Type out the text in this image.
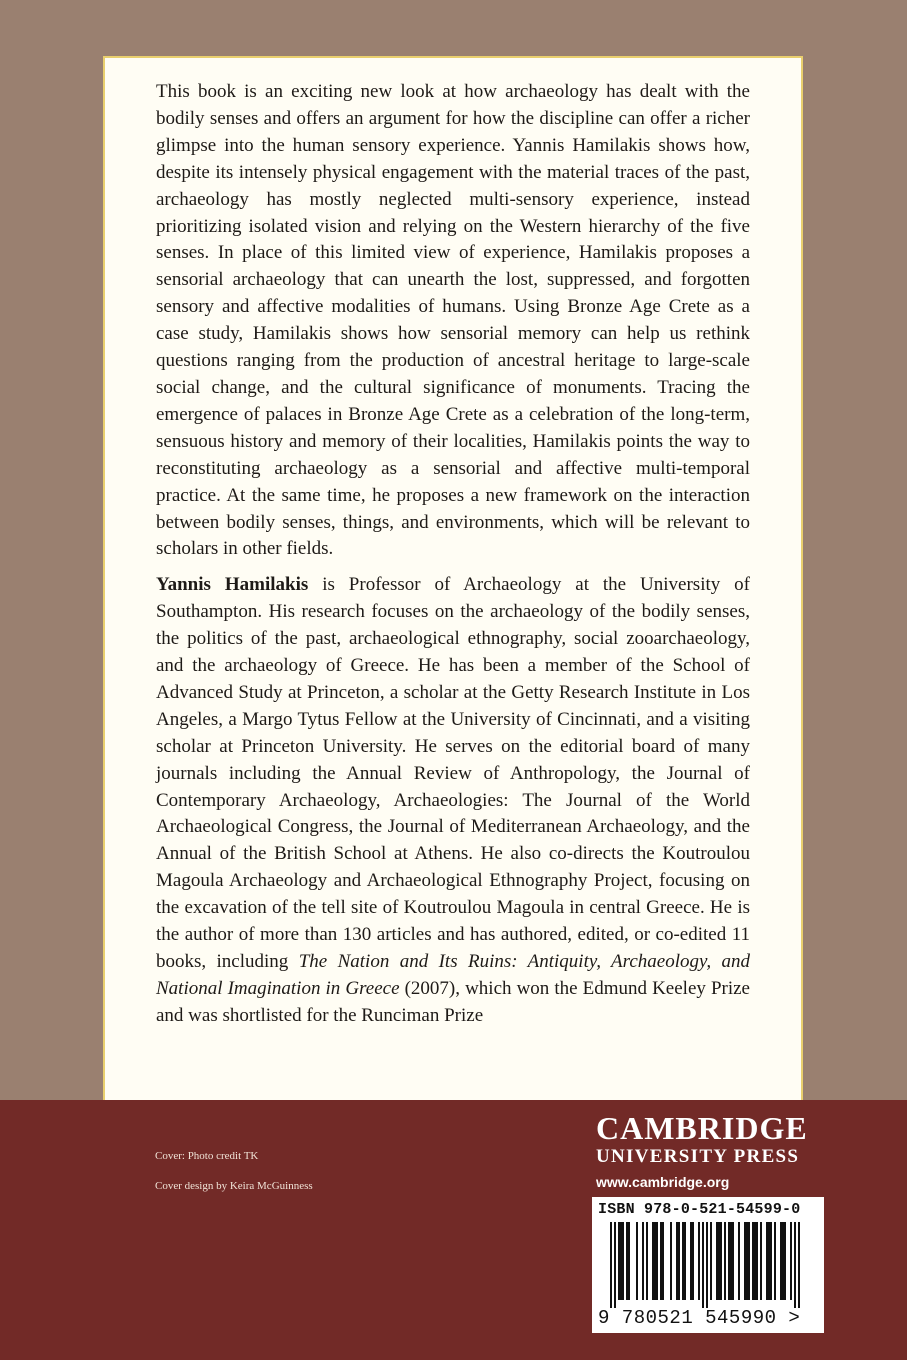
This book is an exciting new look at how archaeology has dealt with the bodily senses and offers an argument for how the discipline can offer a richer glimpse into the human sensory experience. Yannis Hamilakis shows how, despite its intensely physical engagement with the material traces of the past, archaeology has mostly neglected multi-sensory experience, instead prioritizing isolated vision and relying on the Western hierarchy of the five senses. In place of this limited view of experience, Hamilakis proposes a sensorial archaeology that can unearth the lost, suppressed, and forgotten sensory and affective modalities of humans. Using Bronze Age Crete as a case study, Hamilakis shows how sensorial memory can help us rethink questions ranging from the production of ancestral heritage to large-scale social change, and the cultural significance of monuments. Tracing the emergence of palaces in Bronze Age Crete as a celebration of the long-term, sensuous history and memory of their localities, Hamilakis points the way to reconstituting archaeology as a sensorial and affective multi-temporal practice. At the same time, he proposes a new framework on the interaction between bodily senses, things, and environments, which will be relevant to scholars in other fields.

Yannis Hamilakis is Professor of Archaeology at the University of Southampton. His research focuses on the archaeology of the bodily senses, the politics of the past, archaeological ethnography, social zooarchaeology, and the archaeology of Greece. He has been a member of the School of Advanced Study at Princeton, a scholar at the Getty Research Institute in Los Angeles, a Margo Tytus Fellow at the University of Cincinnati, and a visiting scholar at Princeton University. He serves on the editorial board of many journals including the Annual Review of Anthropology, the Journal of Contemporary Archaeology, Archaeologies: The Journal of the World Archaeological Congress, the Journal of Mediterranean Archaeology, and the Annual of the British School at Athens. He also co-directs the Koutroulou Magoula Archaeology and Archaeological Ethnography Project, focusing on the excavation of the tell site of Koutroulou Magoula in central Greece. He is the author of more than 130 articles and has authored, edited, or co-edited 11 books, including The Nation and Its Ruins: Antiquity, Archaeology, and National Imagination in Greece (2007), which won the Edmund Keeley Prize and was shortlisted for the Runciman Prize

Cover: Photo credit TK
Cover design by Keira McGuinness
CAMBRIDGE
UNIVERSITY PRESS
www.cambridge.org
ISBN 978-0-521-54599-0
9 780521 545990 >
